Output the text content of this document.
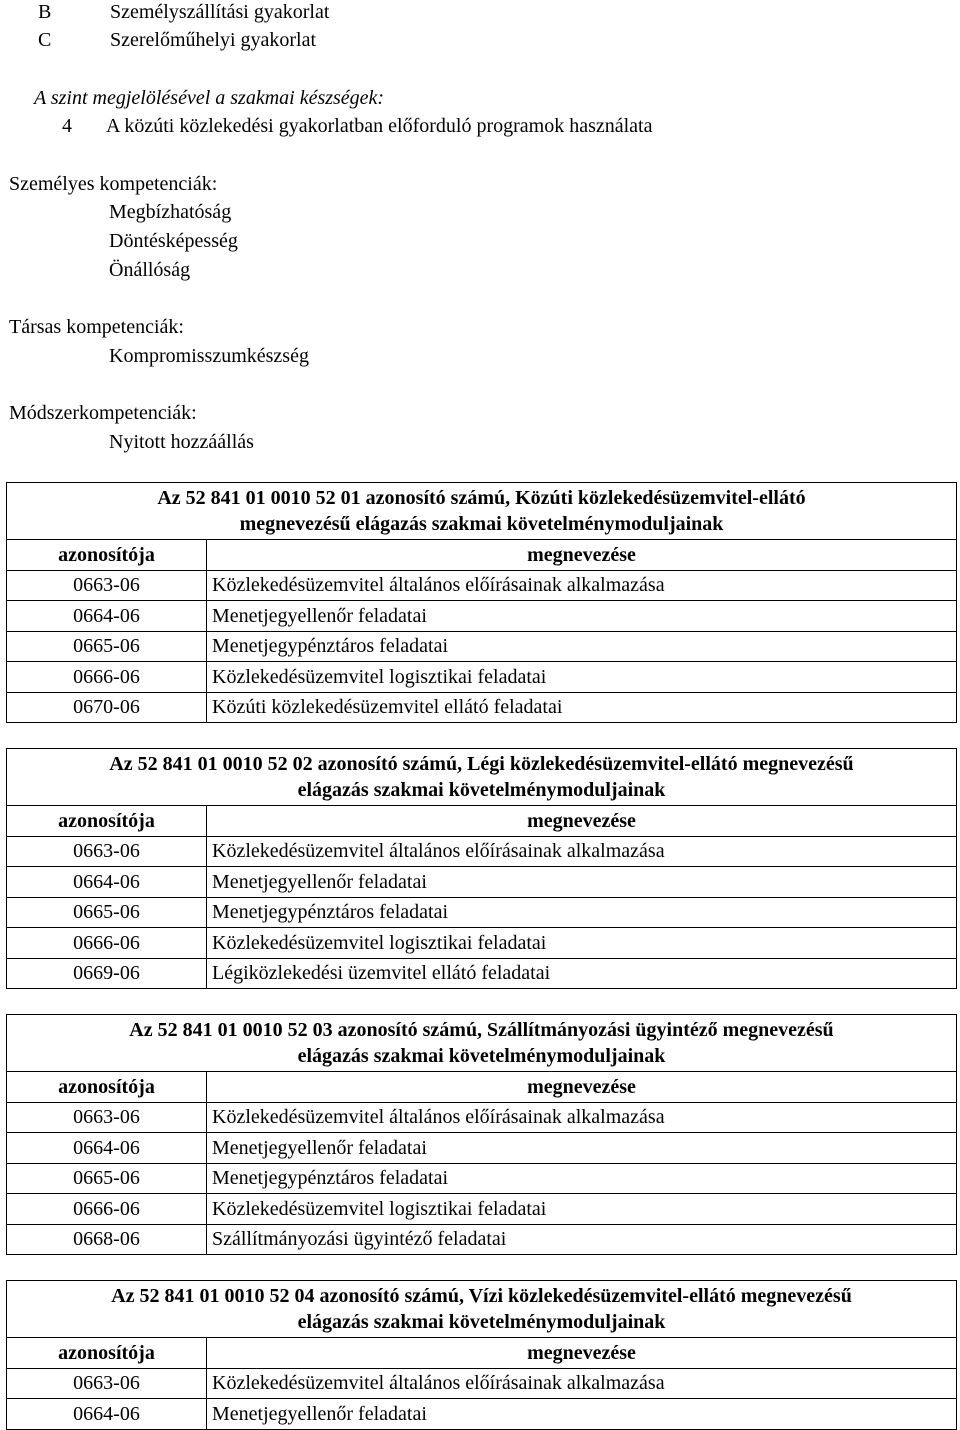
B	Személyszállítási gyakorlat
C	Szerelőműhelyi gyakorlat
A szint megjelölésével a szakmai készségek:
4 A közúti közlekedési gyakorlatban előforduló programok használata
Személyes kompetenciák:
Megbízhatóság
Döntésképesség
Önállóság
Társas kompetenciák:
Kompromisszumkészség
Módszerkompetenciák:
Nyitott hozzáállás
Az 52 841 01 0010 52 01 azonosító számú, Közúti közlekedésüzemvitel-ellátó
megnevezésű elágazás szakmai követelménymoduljainak	
azonosítója	megnevezése
0663-06	Közlekedésüzemvitel általános előírásainak alkalmazása
0664-06	Menetjegyellenőr feladatai
0665-06	Menetjegypénztáros feladatai
0666-06	Közlekedésüzemvitel logisztikai feladatai
0670-06	Közúti közlekedésüzemvitel ellátó feladatai
Az 52 841 01 0010 52 02 azonosító számú, Légi közlekedésüzemvitel-ellátó megnevezésű
elágazás szakmai követelménymoduljainak	
azonosítója	megnevezése
0663-06	Közlekedésüzemvitel általános előírásainak alkalmazása
0664-06	Menetjegyellenőr feladatai
0665-06	Menetjegypénztáros feladatai
0666-06	Közlekedésüzemvitel logisztikai feladatai
0669-06	Légiközlekedési üzemvitel ellátó feladatai
Az 52 841 01 0010 52 03 azonosító számú, Szállítmányozási ügyintéző megnevezésű
elágazás szakmai követelménymoduljainak	
azonosítója	megnevezése
0663-06	Közlekedésüzemvitel általános előírásainak alkalmazása
0664-06	Menetjegyellenőr feladatai
0665-06	Menetjegypénztáros feladatai
0666-06	Közlekedésüzemvitel logisztikai feladatai
0668-06	Szállítmányozási ügyintéző feladatai
Az 52 841 01 0010 52 04 azonosító számú, Vízi közlekedésüzemvitel-ellátó megnevezésű
elágazás szakmai követelménymoduljainak	
azonosítója	megnevezése
0663-06	Közlekedésüzemvitel általános előírásainak alkalmazása
0664-06	Menetjegyellenőr feladatai
